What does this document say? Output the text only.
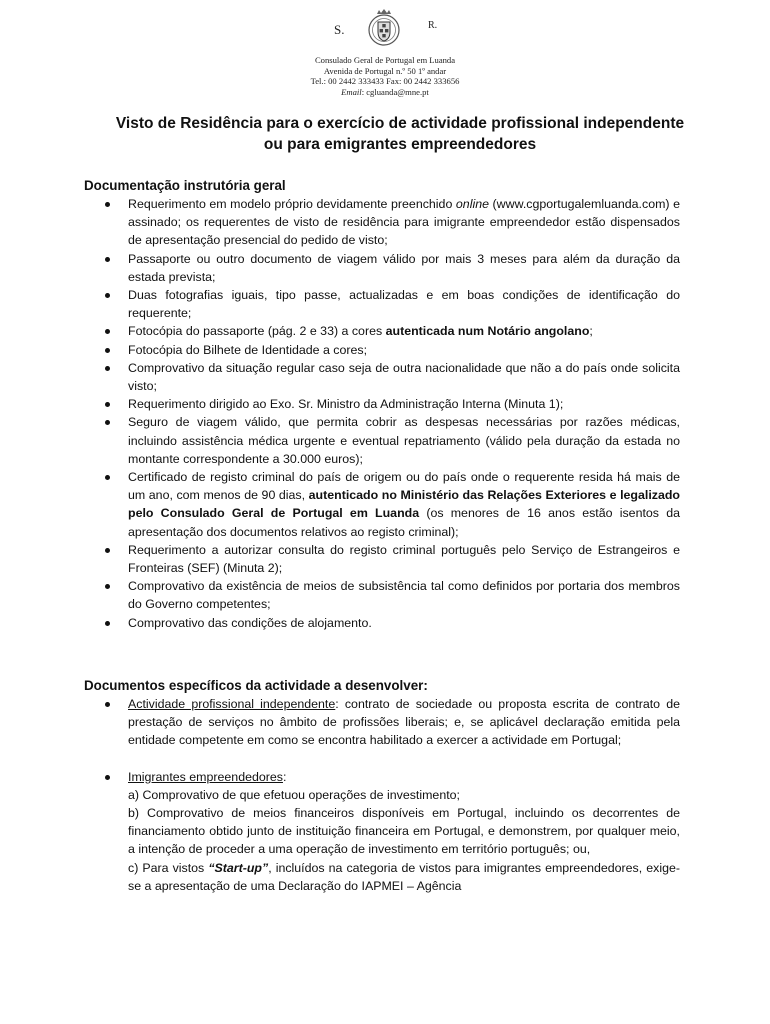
S.	R.
Consulado Geral de Portugal em Luanda
Avenida de Portugal n.º 50 1º andar
Tel.: 00 2442 333433 Fax: 00 2442 333656
Email: cgluanda@mne.pt
Visto de Residência para o exercício de actividade profissional independente
ou para emigrantes empreendedores
Documentação instrutória geral
Requerimento em modelo próprio devidamente preenchido online (www.cgportugalemluanda.com) e assinado; os requerentes de visto de residência para imigrante empreendedor estão dispensados de apresentação presencial do pedido de visto;
Passaporte ou outro documento de viagem válido por mais 3 meses para além da duração da estada prevista;
Duas fotografias iguais, tipo passe, actualizadas e em boas condições de identificação do requerente;
Fotocópia do passaporte (pág. 2 e 33) a cores autenticada num Notário angolano;
Fotocópia do Bilhete de Identidade a cores;
Comprovativo da situação regular caso seja de outra nacionalidade que não a do país onde solicita visto;
Requerimento dirigido ao Exo. Sr. Ministro da Administração Interna (Minuta 1);
Seguro de viagem válido, que permita cobrir as despesas necessárias por razões médicas, incluindo assistência médica urgente e eventual repatriamento (válido pela duração da estada no montante correspondente a 30.000 euros);
Certificado de registo criminal do país de origem ou do país onde o requerente resida há mais de um ano, com menos de 90 dias, autenticado no Ministério das Relações Exteriores e legalizado pelo Consulado Geral de Portugal em Luanda (os menores de 16 anos estão isentos da apresentação dos documentos relativos ao registo criminal);
Requerimento a autorizar consulta do registo criminal português pelo Serviço de Estrangeiros e Fronteiras (SEF) (Minuta 2);
Comprovativo da existência de meios de subsistência tal como definidos por portaria dos membros do Governo competentes;
Comprovativo das condições de alojamento.
Documentos específicos da actividade a desenvolver:
Actividade profissional independente: contrato de sociedade ou proposta escrita de contrato de prestação de serviços no âmbito de profissões liberais; e, se aplicável declaração emitida pela entidade competente em como se encontra habilitado a exercer a actividade em Portugal;
Imigrantes empreendedores:
a) Comprovativo de que efetuou operações de investimento;
b) Comprovativo de meios financeiros disponíveis em Portugal, incluindo os decorrentes de financiamento obtido junto de instituição financeira em Portugal, e demonstrem, por qualquer meio, a intenção de proceder a uma operação de investimento em território português; ou,
c) Para vistos “Start-up”, incluídos na categoria de vistos para imigrantes empreendedores, exige-se a apresentação de uma Declaração do IAPMEI – Agência
